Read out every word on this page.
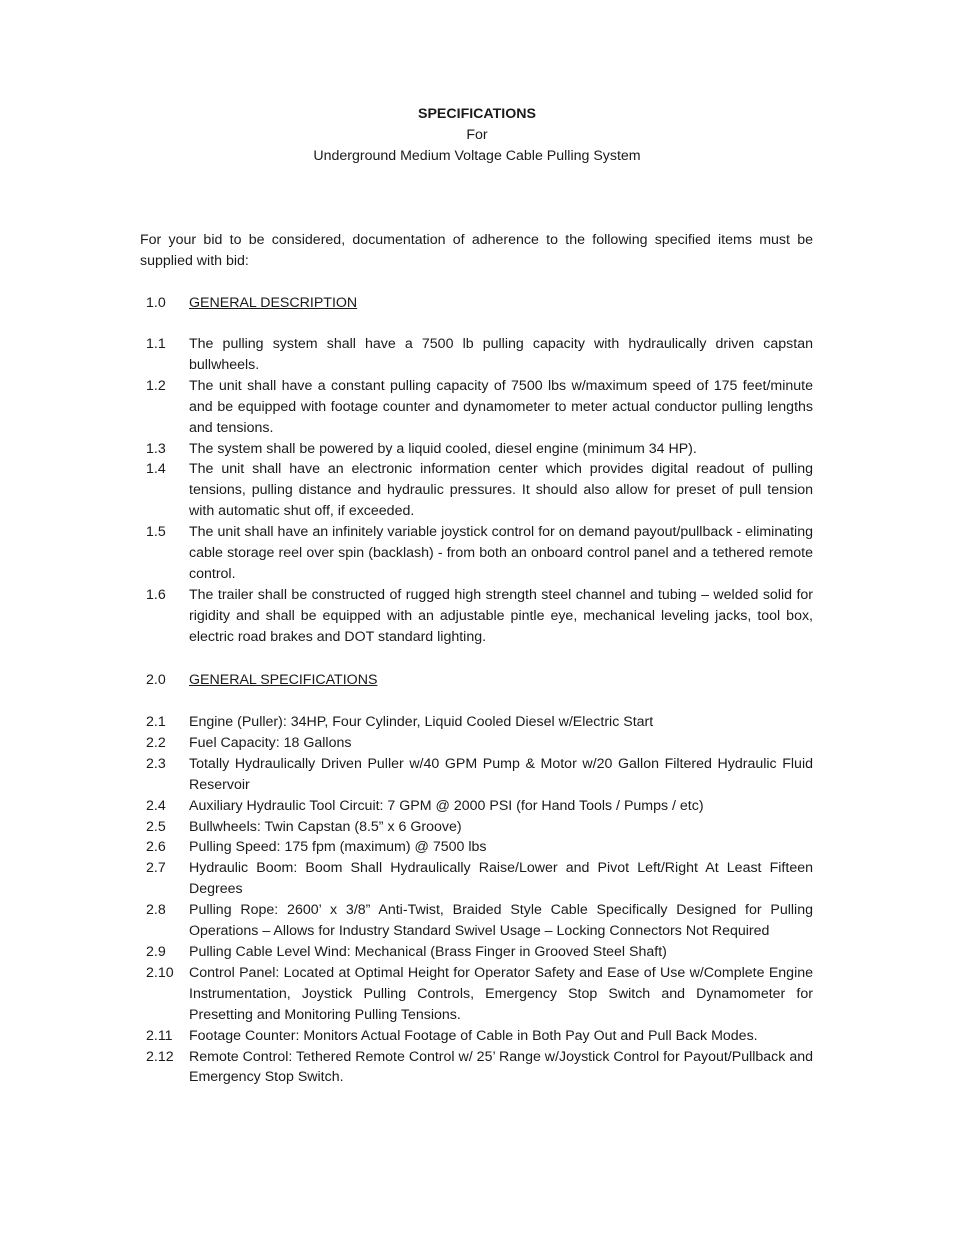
SPECIFICATIONS
For
Underground Medium Voltage Cable Pulling System
For your bid to be considered, documentation of adherence to the following specified items must be supplied with bid:
1.0	GENERAL DESCRIPTION
1.1	The pulling system shall have a 7500 lb pulling capacity with hydraulically driven capstan bullwheels.
1.2	The unit shall have a constant pulling capacity of 7500 lbs w/maximum speed of 175 feet/minute and be equipped with footage counter and dynamometer to meter actual conductor pulling lengths and tensions.
1.3	The system shall be powered by a liquid cooled, diesel engine (minimum 34 HP).
1.4	The unit shall have an electronic information center which provides digital readout of pulling tensions, pulling distance and hydraulic pressures. It should also allow for preset of pull tension with automatic shut off, if exceeded.
1.5	The unit shall have an infinitely variable joystick control for on demand payout/pullback - eliminating cable storage reel over spin (backlash) - from both an onboard control panel and a tethered remote control.
1.6	The trailer shall be constructed of rugged high strength steel channel and tubing – welded solid for rigidity and shall be equipped with an adjustable pintle eye, mechanical leveling jacks, tool box, electric road brakes and DOT standard lighting.
2.0	GENERAL SPECIFICATIONS
2.1	Engine (Puller): 34HP, Four Cylinder, Liquid Cooled Diesel w/Electric Start
2.2	Fuel Capacity: 18 Gallons
2.3	Totally Hydraulically Driven Puller w/40 GPM Pump & Motor w/20 Gallon Filtered Hydraulic Fluid Reservoir
2.4	Auxiliary Hydraulic Tool Circuit: 7 GPM @ 2000 PSI (for Hand Tools / Pumps / etc)
2.5	Bullwheels: Twin Capstan (8.5” x 6 Groove)
2.6	Pulling Speed: 175 fpm (maximum) @ 7500 lbs
2.7	Hydraulic Boom: Boom Shall Hydraulically Raise/Lower and Pivot Left/Right At Least Fifteen Degrees
2.8	Pulling Rope: 2600’ x 3/8” Anti-Twist, Braided Style Cable Specifically Designed for Pulling Operations – Allows for Industry Standard Swivel Usage – Locking Connectors Not Required
2.9	Pulling Cable Level Wind: Mechanical (Brass Finger in Grooved Steel Shaft)
2.10	Control Panel: Located at Optimal Height for Operator Safety and Ease of Use w/Complete Engine Instrumentation, Joystick Pulling Controls, Emergency Stop Switch and Dynamometer for Presetting and Monitoring Pulling Tensions.
2.11	Footage Counter: Monitors Actual Footage of Cable in Both Pay Out and Pull Back Modes.
2.12	Remote Control: Tethered Remote Control w/ 25’ Range w/Joystick Control for Payout/Pullback and Emergency Stop Switch.
